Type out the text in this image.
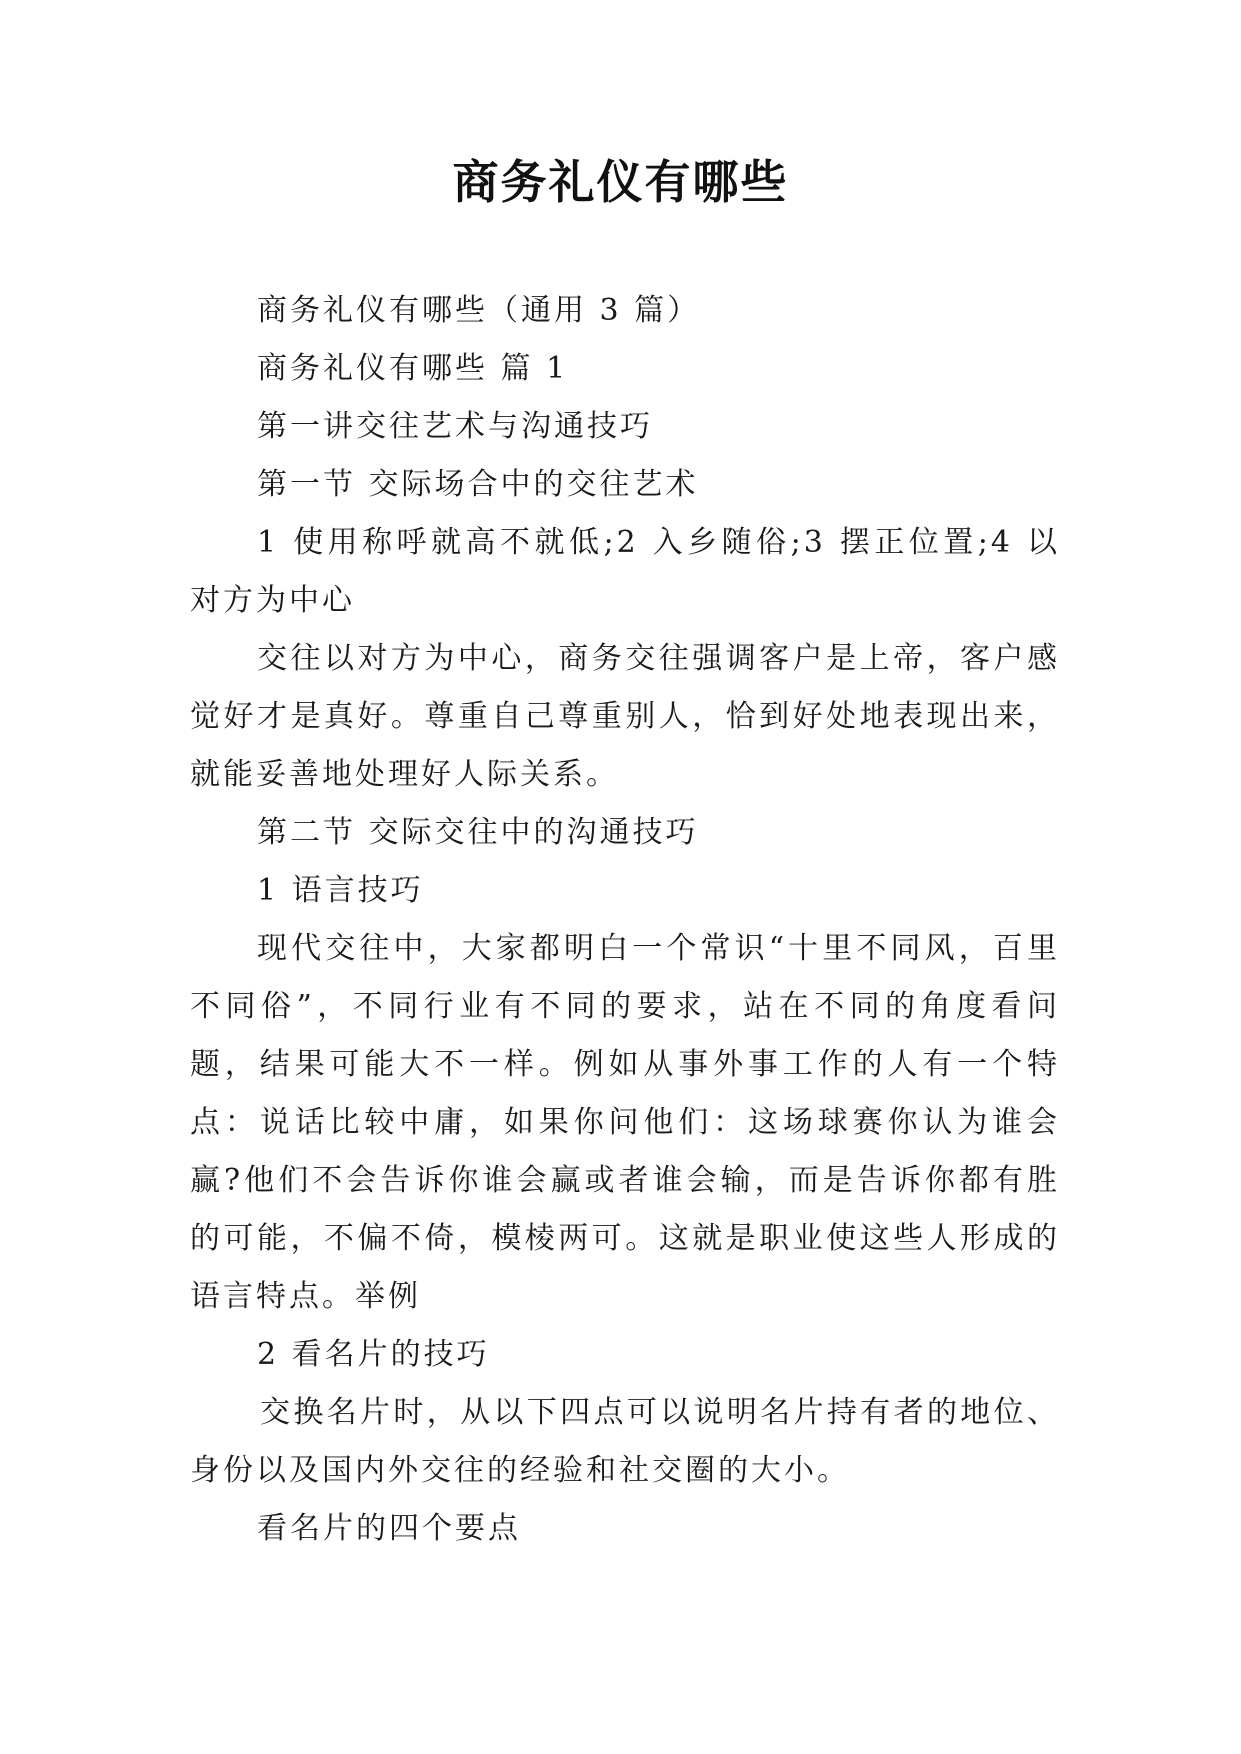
商务礼仪有哪些

商务礼仪有哪些（通用 3 篇）

商务礼仪有哪些 篇 1

第一讲交往艺术与沟通技巧

第一节 交际场合中的交往艺术

1 使用称呼就高不就低;2 入乡随俗;3 摆正位置;4 以对方为中心

交往以对方为中心，商务交往强调客户是上帝，客户感觉好才是真好。尊重自己尊重别人，恰到好处地表现出来，就能妥善地处理好人际关系。

第二节 交际交往中的沟通技巧

1 语言技巧

现代交往中，大家都明白一个常识“十里不同风，百里不同俗”，不同行业有不同的要求，站在不同的角度看问题，结果可能大不一样。例如从事外事工作的人有一个特点：说话比较中庸，如果你问他们：这场球赛你认为谁会赢?他们不会告诉你谁会赢或者谁会输，而是告诉你都有胜的可能，不偏不倚，模棱两可。这就是职业使这些人形成的语言特点。举例

2 看名片的技巧

交换名片时，从以下四点可以说明名片持有者的地位、身份以及国内外交往的经验和社交圈的大小。

看名片的四个要点
